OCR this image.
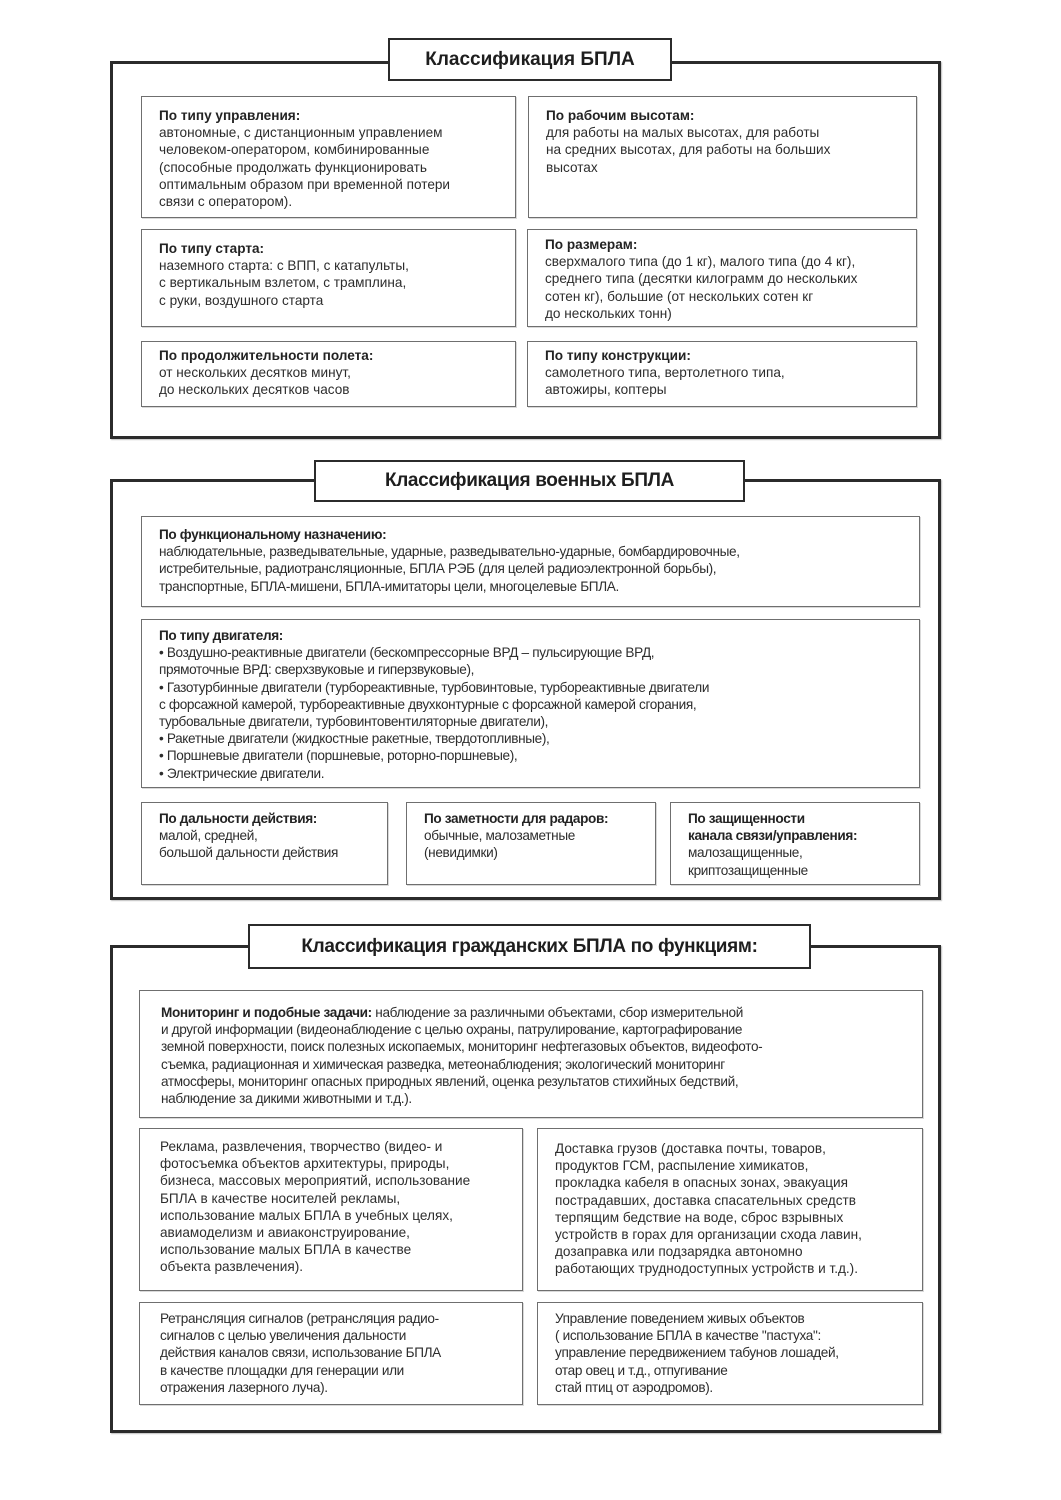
Классификация БПЛА
По типу управления:
автономные, с дистанционным управлением
человеком-оператором, комбинированные
(способные продолжать функционировать
оптимальным образом при временной потери
связи с оператором).
По рабочим высотам:
для работы на малых высотах, для работы
на средних высотах, для работы на больших
высотах
По типу старта:
наземного старта: с ВПП, с катапульты,
с вертикальным взлетом, с трамплина,
с руки, воздушного старта
По размерам:
сверхмалого типа (до 1 кг), малого типа (до 4 кг),
среднего типа (десятки килограмм до нескольких
сотен кг), большие (от нескольких сотен кг
до нескольких тонн)
По продолжительности полета:
от нескольких десятков минут,
до нескольких десятков часов
По типу конструкции:
самолетного типа, вертолетного типа,
автожиры, коптеры
Классификация военных БПЛА
По функциональному назначению:
наблюдательные, разведывательные, ударные, разведывательно-ударные, бомбардировочные,
истребительные, радиотрансляционные, БПЛА РЭБ (для целей радиоэлектронной борьбы),
транспортные, БПЛА-мишени, БПЛА-имитаторы цели, многоцелевые БПЛА.
По типу двигателя:
• Воздушно-реактивные двигатели (бескомпрессорные ВРД – пульсирующие ВРД,
прямоточные ВРД: сверхзвуковые и гиперзвуковые),
• Газотурбинные двигатели (турбореактивные, турбовинтовые, турбореактивные двигатели
с форсажной камерой, турбореактивные двухконтурные с форсажной камерой сгорания,
турбовальные двигатели, турбовинтовентиляторные двигатели),
• Ракетные двигатели (жидкостные ракетные, твердотопливные),
• Поршневые двигатели (поршневые, роторно-поршневые),
• Электрические двигатели.
По дальности действия:
малой, средней,
большой дальности действия
По заметности для радаров:
обычные, малозаметные
(невидимки)
По защищенности
канала связи/управления:
малозащищенные,
криптозащищенные
Классификация гражданских БПЛА по функциям:
Мониторинг и подобные задачи: наблюдение за различными объектами, сбор измерительной
и другой информации (видеонаблюдение с целью охраны, патрулирование, картографирование
земной поверхности, поиск полезных ископаемых, мониторинг нефтегазовых объектов, видеофото-
съемка, радиационная и химическая разведка, метеонаблюдения; экологический мониторинг
атмосферы, мониторинг опасных природных явлений, оценка результатов стихийных бедствий,
наблюдение за дикими животными и т.д.).
Реклама, развлечения, творчество (видео- и
фотосъемка объектов архитектуры, природы,
бизнеса, массовых мероприятий, использование
БПЛА в качестве носителей рекламы,
использование малых БПЛА в учебных целях,
авиамоделизм и авиаконструирование,
использование малых БПЛА в качестве
объекта развлечения).
Доставка грузов (доставка почты, товаров,
продуктов ГСМ, распыление химикатов,
прокладка кабеля в опасных зонах, эвакуация
пострадавших, доставка спасательных средств
терпящим бедствие на воде, сброс взрывных
устройств в горах для организации схода лавин,
дозаправка или подзарядка автономно
работающих труднодоступных устройств и т.д.).
Ретрансляция сигналов (ретрансляция радио-
сигналов с целью увеличения дальности
действия каналов связи, использование БПЛА
в качестве площадки для генерации или
отражения лазерного луча).
Управление поведением живых объектов
( использование БПЛА в качестве "пастуха":
управление передвижением табунов лошадей,
отар овец и т.д., отпугивание
стай птиц от аэродромов).
